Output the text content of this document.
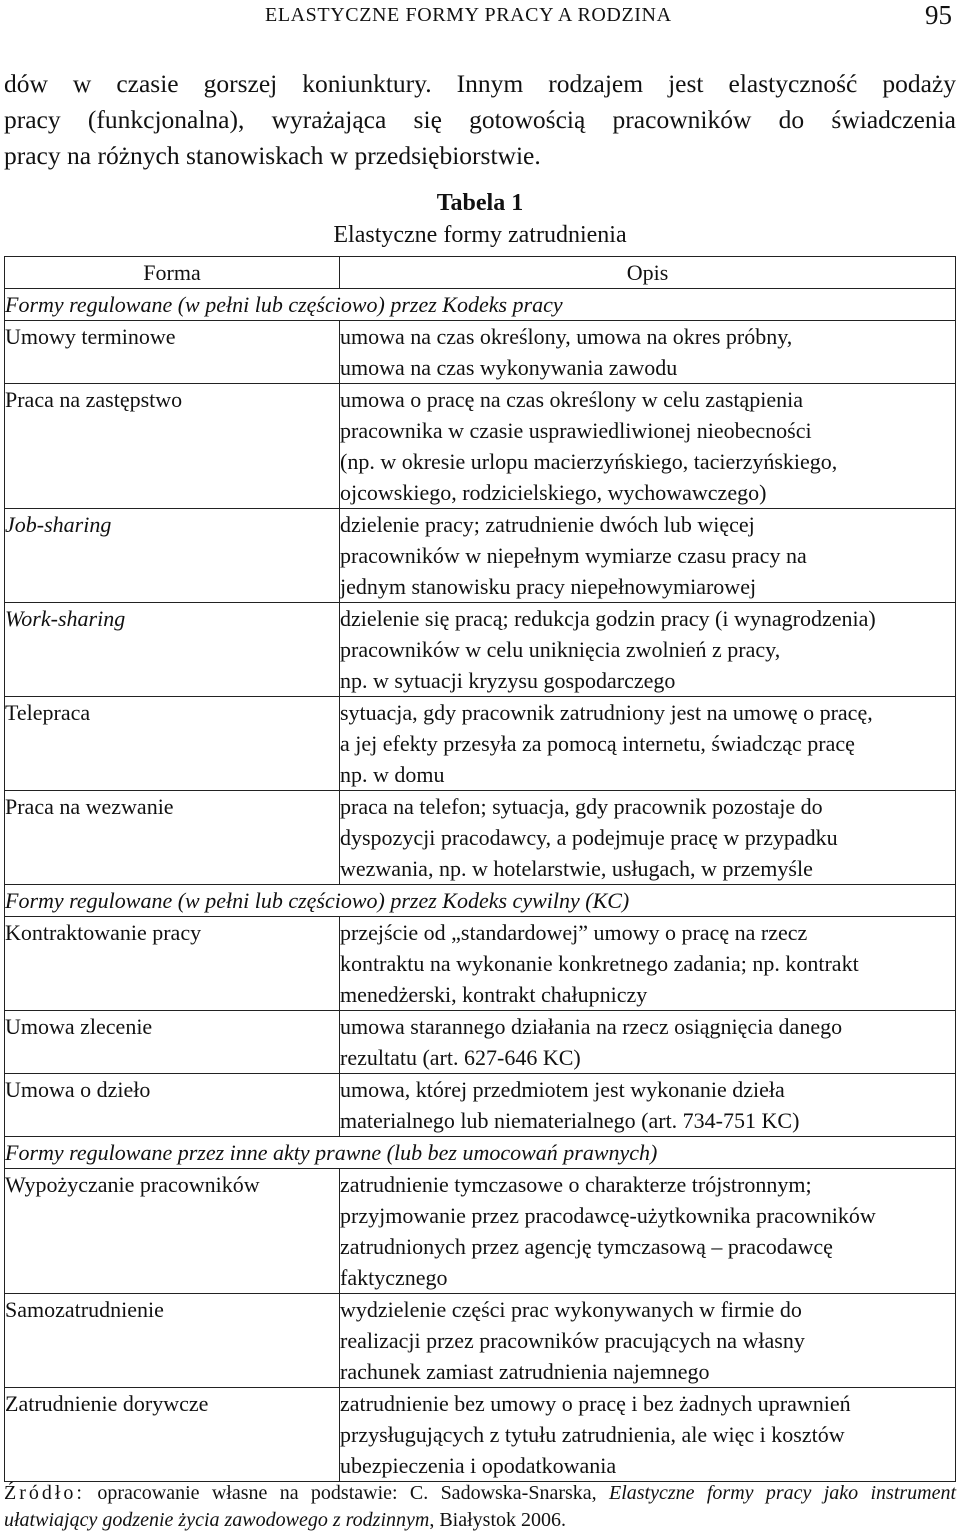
ELASTYCZNE FORMY PRACY A RODZINA	95
dów w czasie gorszej koniunktury. Innym rodzajem jest elastyczność podaży
pracy (funkcjonalna), wyrażająca się gotowością pracowników do świadczenia
pracy na różnych stanowiskach w przedsiębiorstwie.
Tabela 1
Elastyczne formy zatrudnienia
Forma	Opis
Formy regulowane (w pełni lub częściowo) przez Kodeks pracy	
Umowy terminowe	umowa na czas określony, umowa na okres próbny,
umowa na czas wykonywania zawodu

Praca na zastępstwo	umowa o pracę na czas określony w celu zastąpienia
pracownika w czasie usprawiedliwionej nieobecności
(np. w okresie urlopu macierzyńskiego, tacierzyńskiego,
ojcowskiego, rodzicielskiego, wychowawczego)

Job-sharing	dzielenie pracy; zatrudnienie dwóch lub więcej
pracowników w niepełnym wymiarze czasu pracy na
jednym stanowisku pracy niepełnowymiarowej

Work-sharing	dzielenie się pracą; redukcja godzin pracy (i wynagrodzenia)
pracowników w celu uniknięcia zwolnień z pracy,
np. w sytuacji kryzysu gospodarczego

Telepraca	sytuacja, gdy pracownik zatrudniony jest na umowę o pracę,
a jej efekty przesyła za pomocą internetu, świadcząc pracę
np. w domu

Praca na wezwanie	praca na telefon; sytuacja, gdy pracownik pozostaje do
dyspozycji pracodawcy, a podejmuje pracę w przypadku
wezwania, np. w hotelarstwie, usługach, w przemyśle

Formy regulowane (w pełni lub częściowo) przez Kodeks cywilny (KC)	
Kontraktowanie pracy	przejście od „standardowej” umowy o pracę na rzecz
kontraktu na wykonanie konkretnego zadania; np. kontrakt
menedżerski, kontrakt chałupniczy

Umowa zlecenie	umowa starannego działania na rzecz osiągnięcia danego
rezultatu (art. 627-646 KC)

Umowa o dzieło	umowa, której przedmiotem jest wykonanie dzieła
materialnego lub niematerialnego (art. 734-751 KC)

Formy regulowane przez inne akty prawne (lub bez umocowań prawnych)	
Wypożyczanie pracowników	zatrudnienie tymczasowe o charakterze trójstronnym;
przyjmowanie przez pracodawcę-użytkownika pracowników
zatrudnionych przez agencję tymczasową – pracodawcę
faktycznego

Samozatrudnienie	wydzielenie części prac wykonywanych w firmie do
realizacji przez pracowników pracujących na własny
rachunek zamiast zatrudnienia najemnego

Zatrudnienie dorywcze	zatrudnienie bez umowy o pracę i bez żadnych uprawnień
przysługujących z tytułu zatrudnienia, ale więc i kosztów
ubezpieczenia i opodatkowania
Źródło: opracowanie własne na podstawie: C. Sadowska-Snarska, Elastyczne formy pracy jako instrument
ułatwiający godzenie życia zawodowego z rodzinnym, Białystok 2006.
